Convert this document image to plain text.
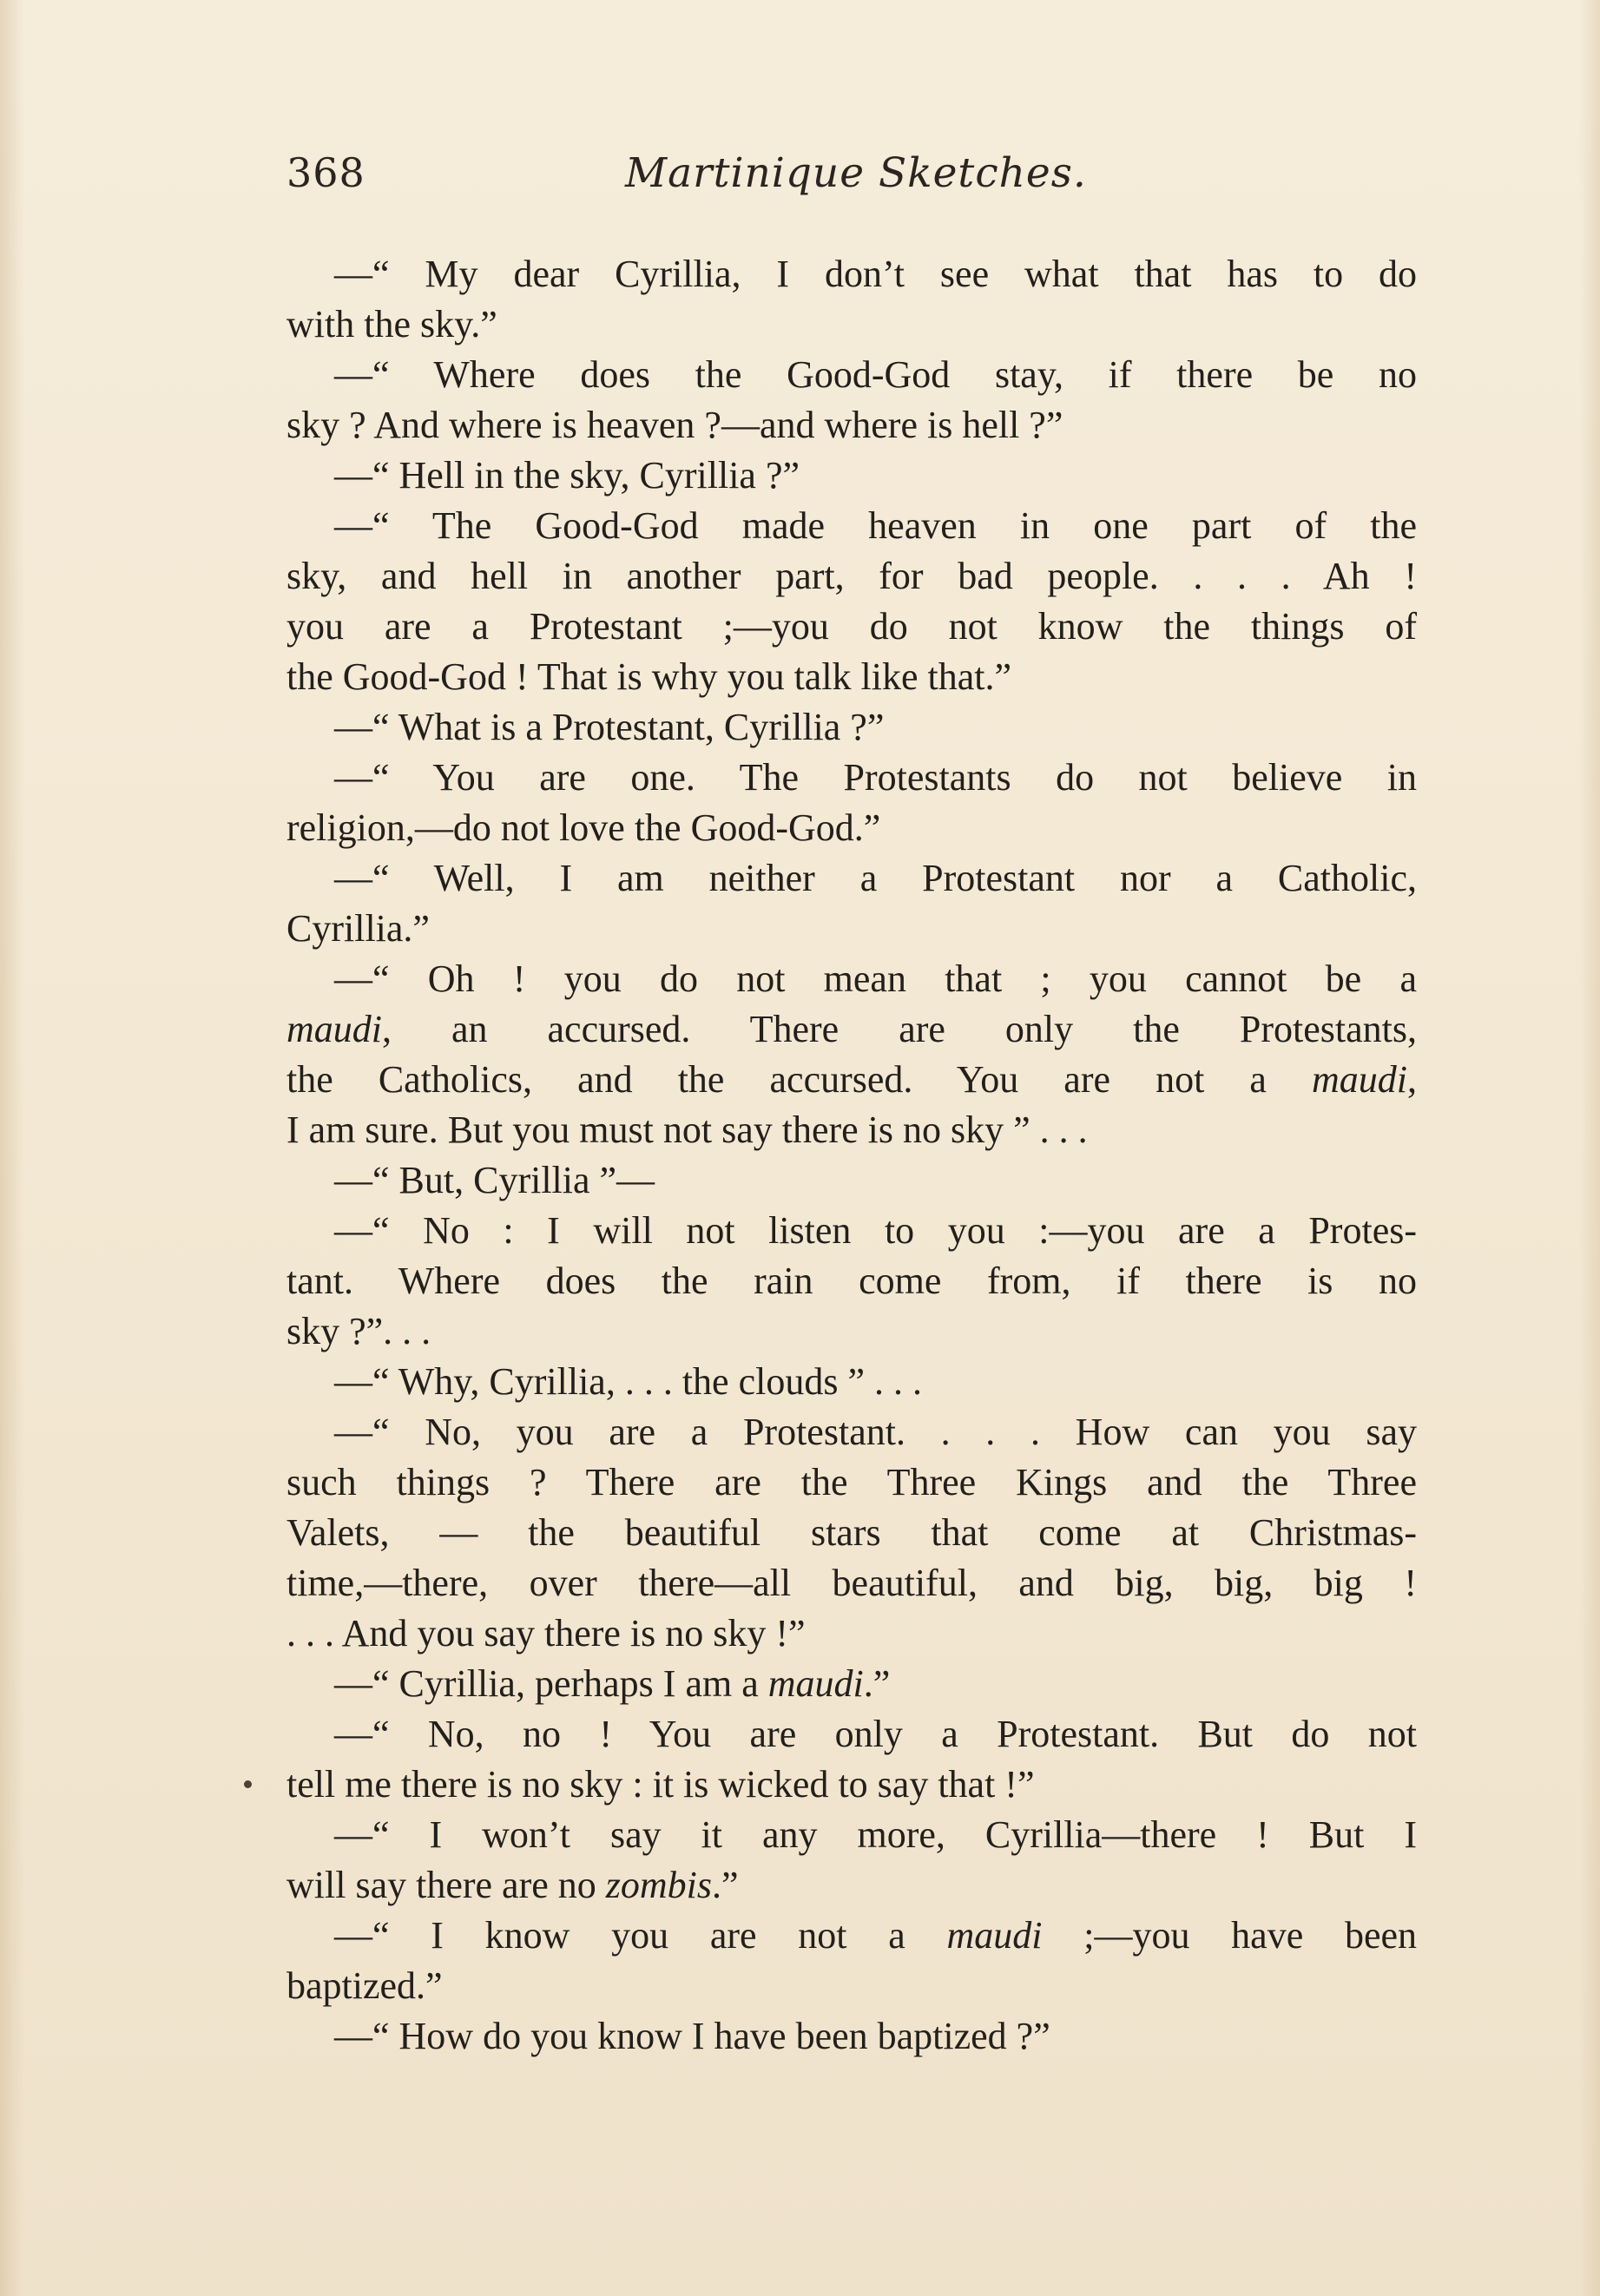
368	Martinique Sketches.
—“ My dear Cyrillia, I don’t see what that has to do
with the sky.”
—“ Where does the Good-God stay, if there be no
sky ? And where is heaven ?—and where is hell ?”
—“ Hell in the sky, Cyrillia ?”
—“ The Good-God made heaven in one part of the
sky, and hell in another part, for bad people. . . . Ah !
you are a Protestant ;—you do not know the things of
the Good-God ! That is why you talk like that.”
—“ What is a Protestant, Cyrillia ?”
—“ You are one. The Protestants do not believe in
religion,—do not love the Good-God.”
—“ Well, I am neither a Protestant nor a Catholic,
Cyrillia.”
—“ Oh ! you do not mean that ; you cannot be a
maudi, an accursed. There are only the Protestants,
the Catholics, and the accursed. You are not a maudi,
I am sure. But you must not say there is no sky ” . . .
—“ But, Cyrillia ”—
—“ No : I will not listen to you :—you are a Protes-
tant. Where does the rain come from, if there is no
sky ?”. . .
—“ Why, Cyrillia, . . . the clouds ” . . .
—“ No, you are a Protestant. . . . How can you say
such things ? There are the Three Kings and the Three
Valets, — the beautiful stars that come at Christmas-
time,—there, over there—all beautiful, and big, big, big !
. . . And you say there is no sky !”
—“ Cyrillia, perhaps I am a maudi.”
—“ No, no ! You are only a Protestant. But do not
tell me there is no sky : it is wicked to say that !”
—“ I won’t say it any more, Cyrillia—there ! But I
will say there are no zombis.”
—“ I know you are not a maudi ;—you have been
baptized.”
—“ How do you know I have been baptized ?”
